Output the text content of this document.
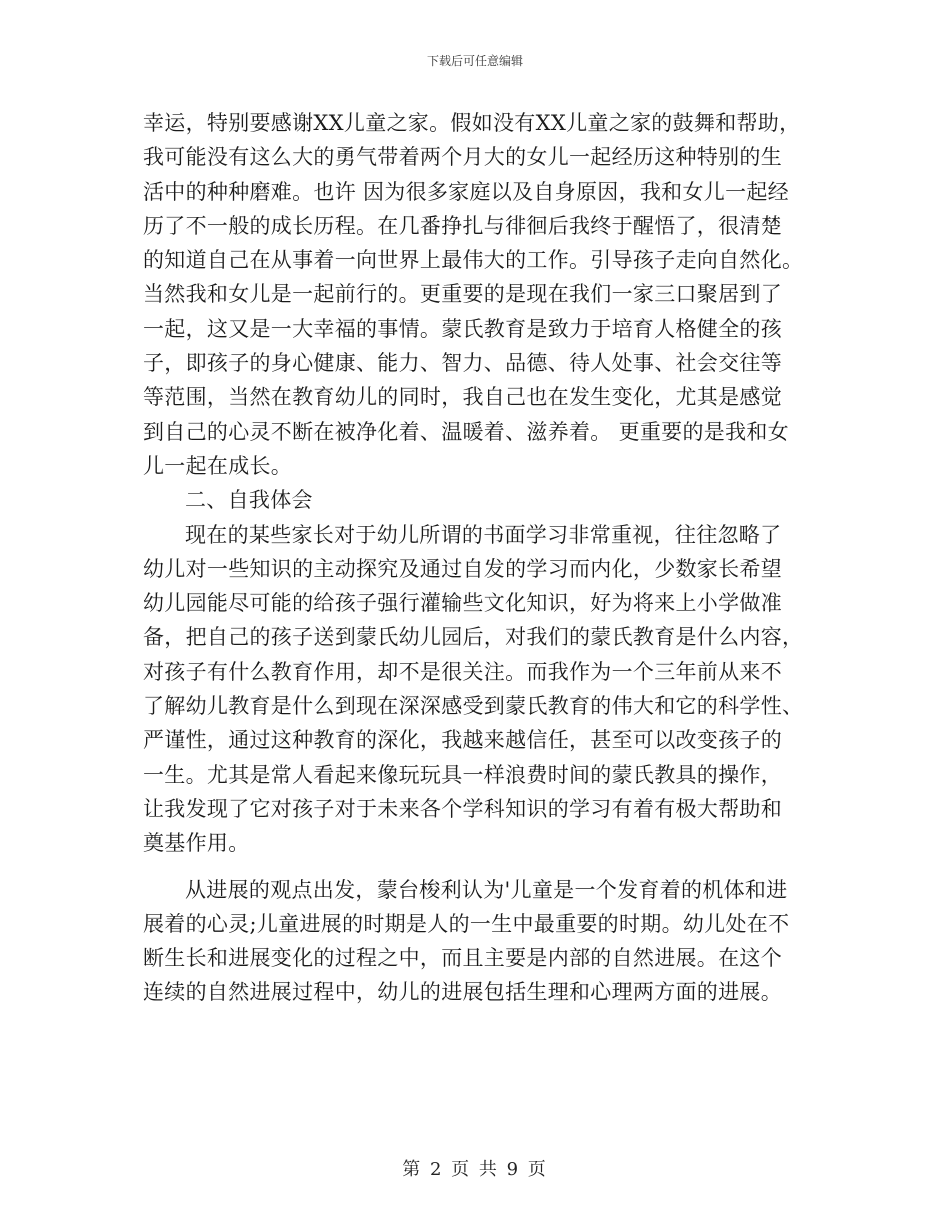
下载后可任意编辑
幸运，特别要感谢XX儿童之家。假如没有XX儿童之家的鼓舞和帮助，
我可能没有这么大的勇气带着两个月大的女儿一起经历这种特别的生
活中的种种磨难。也许 因为很多家庭以及自身原因，我和女儿一起经
历了不一般的成长历程。在几番挣扎与徘徊后我终于醒悟了，很清楚
的知道自己在从事着一向世界上最伟大的工作。引导孩子走向自然化。
当然我和女儿是一起前行的。更重要的是现在我们一家三口聚居到了
一起，这又是一大幸福的事情。蒙氏教育是致力于培育人格健全的孩
子，即孩子的身心健康、能力、智力、品德、待人处事、社会交往等
等范围，当然在教育幼儿的同时，我自己也在发生变化，尤其是感觉
到自己的心灵不断在被净化着、温暖着、滋养着。 更重要的是我和女
儿一起在成长。
二、自我体会
现在的某些家长对于幼儿所谓的书面学习非常重视，往往忽略了
幼儿对一些知识的主动探究及通过自发的学习而内化，少数家长希望
幼儿园能尽可能的给孩子强行灌输些文化知识，好为将来上小学做准
备，把自己的孩子送到蒙氏幼儿园后，对我们的蒙氏教育是什么内容，
对孩子有什么教育作用，却不是很关注。而我作为一个三年前从来不
了解幼儿教育是什么到现在深深感受到蒙氏教育的伟大和它的科学性、
严谨性，通过这种教育的深化，我越来越信任，甚至可以改变孩子的
一生。尤其是常人看起来像玩玩具一样浪费时间的蒙氏教具的操作，
让我发现了它对孩子对于未来各个学科知识的学习有着有极大帮助和
奠基作用。
从进展的观点出发，蒙台梭利认为'儿童是一个发育着的机体和进
展着的心灵;儿童进展的时期是人的一生中最重要的时期。幼儿处在不
断生长和进展变化的过程之中，而且主要是内部的自然进展。在这个
连续的自然进展过程中，幼儿的进展包括生理和心理两方面的进展。
第 2 页 共 9 页
